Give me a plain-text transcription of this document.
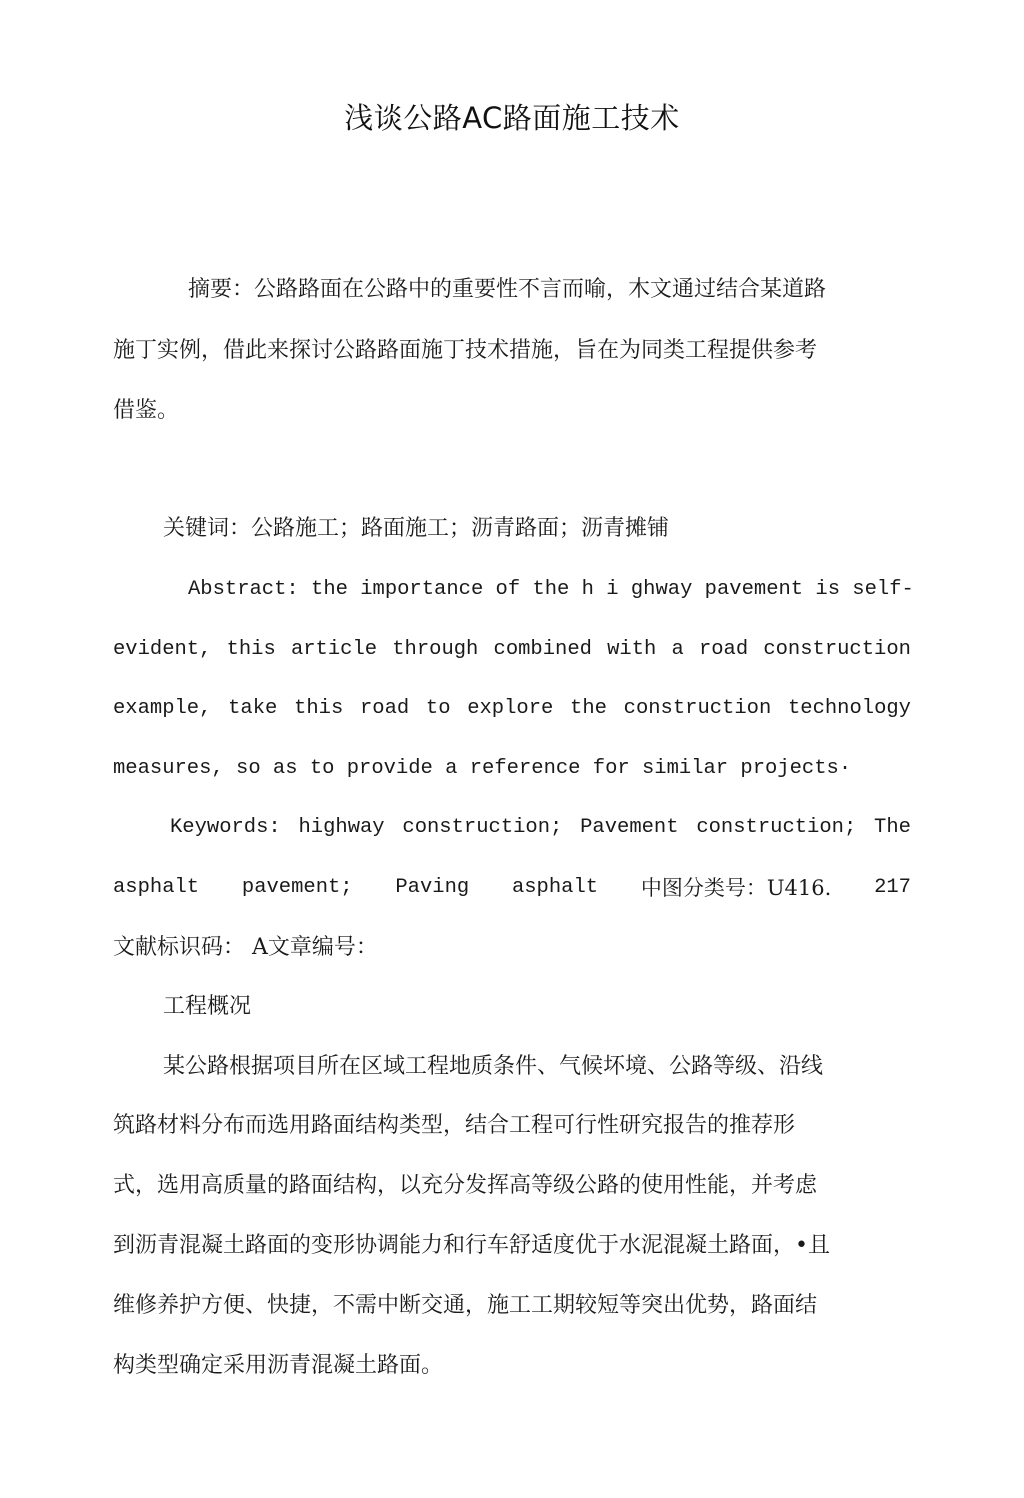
浅谈公路AC路面施工技术
摘要：公路路面在公路中的重要性不言而喻，木文通过结合某道路
施丁实例，借此来探讨公路路面施丁技术措施，旨在为同类工程提供参考
借鉴。
关键词：公路施工；路面施工；沥青路面；沥青摊铺
Abstract: the importance of the h i ghway pavement is self-
evident, this article through combined with a road construction
example, take this road to explore the construction technology
measures, so as to provide a reference for similar projects·
Keywords: highway construction; Pavement construction; The
asphalt pavement; Paving asphalt 中图分类号：U416. 217
文献标识码： A文章编号：
工程概况
某公路根据项目所在区域工程地质条件、气候坏境、公路等级、沿线
筑路材料分布而选用路面结构类型，结合工程可行性研究报告的推荐形
式，选用高质量的路面结构，以充分发挥高等级公路的使用性能，并考虑
到沥青混凝土路面的变形协调能力和行车舒适度优于水泥混凝土路面，•且
维修养护方便、快捷，不需中断交通，施工工期较短等突出优势，路面结
构类型确定采用沥青混凝土路面。
